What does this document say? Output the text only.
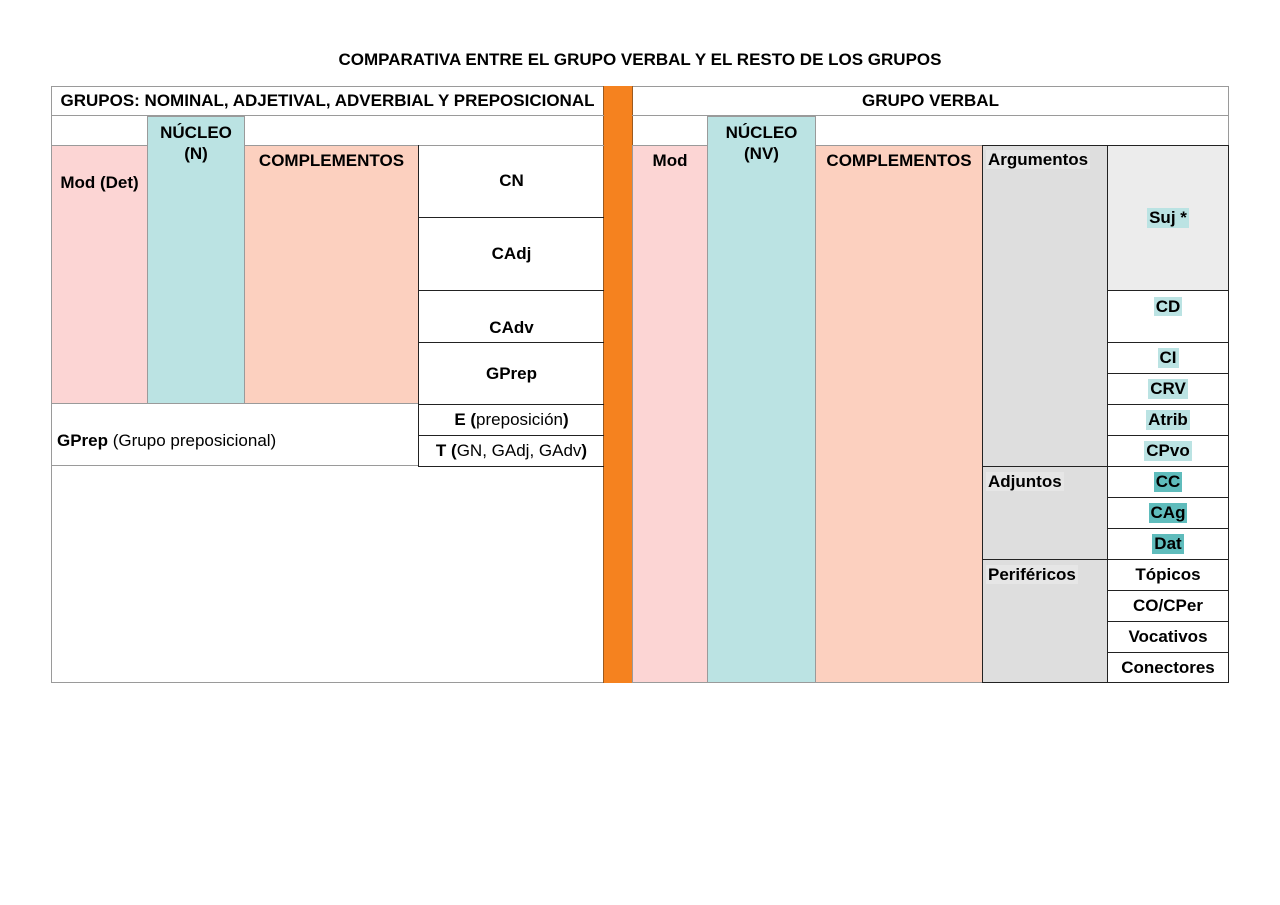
COMPARATIVA ENTRE EL GRUPO VERBAL Y EL RESTO DE LOS GRUPOS
GRUPOS: NOMINAL, ADJETIVAL, ADVERBIAL Y PREPOSICIONAL
Mod (Det)
NÚCLEO (N)	COMPLEMENTOS
CN
CAdj
CAdv
GPrep
GPrep (Grupo preposicional)
E ( preposición )
T ( GN, GAdj, GAdv )
GRUPO VERBAL
Mod
NÚCLEO (NV)	COMPLEMENTOS Argumentos
Adjuntos
Periféricos
Suj *
CD
CI
CRV
Atrib
CPvo
CC
CAg
Dat
Tópicos
CO/CPer
Vocativos
Conectores
